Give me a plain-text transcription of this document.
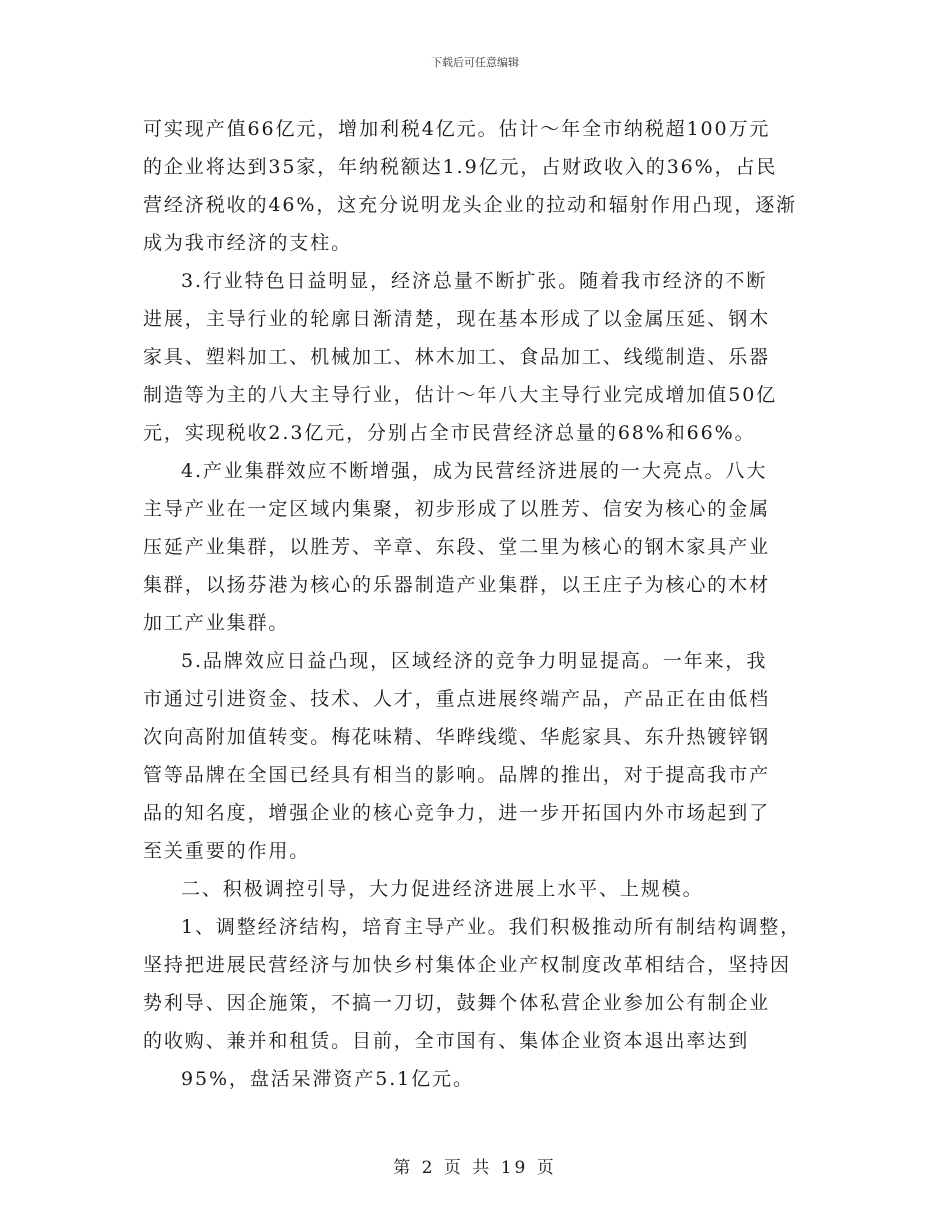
下载后可任意编辑
可实现产值66亿元，增加利税4亿元。估计～年全市纳税超100万元
的企业将达到35家，年纳税额达1.9亿元，占财政收入的36%，占民
营经济税收的46%，这充分说明龙头企业的拉动和辐射作用凸现，逐渐
成为我市经济的支柱。
3.行业特色日益明显，经济总量不断扩张。随着我市经济的不断
进展，主导行业的轮廓日渐清楚，现在基本形成了以金属压延、钢木
家具、塑料加工、机械加工、林木加工、食品加工、线缆制造、乐器
制造等为主的八大主导行业，估计～年八大主导行业完成增加值50亿
元，实现税收2.3亿元，分别占全市民营经济总量的68%和66%。
4.产业集群效应不断增强，成为民营经济进展的一大亮点。八大
主导产业在一定区域内集聚，初步形成了以胜芳、信安为核心的金属
压延产业集群，以胜芳、辛章、东段、堂二里为核心的钢木家具产业
集群，以扬芬港为核心的乐器制造产业集群，以王庄子为核心的木材
加工产业集群。
5.品牌效应日益凸现，区域经济的竞争力明显提高。一年来，我
市通过引进资金、技术、人才，重点进展终端产品，产品正在由低档
次向高附加值转变。梅花味精、华晔线缆、华彪家具、东升热镀锌钢
管等品牌在全国已经具有相当的影响。品牌的推出，对于提高我市产
品的知名度，增强企业的核心竞争力，进一步开拓国内外市场起到了
至关重要的作用。
二、积极调控引导，大力促进经济进展上水平、上规模。
1、调整经济结构，培育主导产业。我们积极推动所有制结构调整，
坚持把进展民营经济与加快乡村集体企业产权制度改革相结合，坚持因
势利导、因企施策，不搞一刀切，鼓舞个体私营企业参加公有制企业
的收购、兼并和租赁。目前，全市国有、集体企业资本退出率达到
95%，盘活呆滞资产5.1亿元。
第 2 页 共 19 页
